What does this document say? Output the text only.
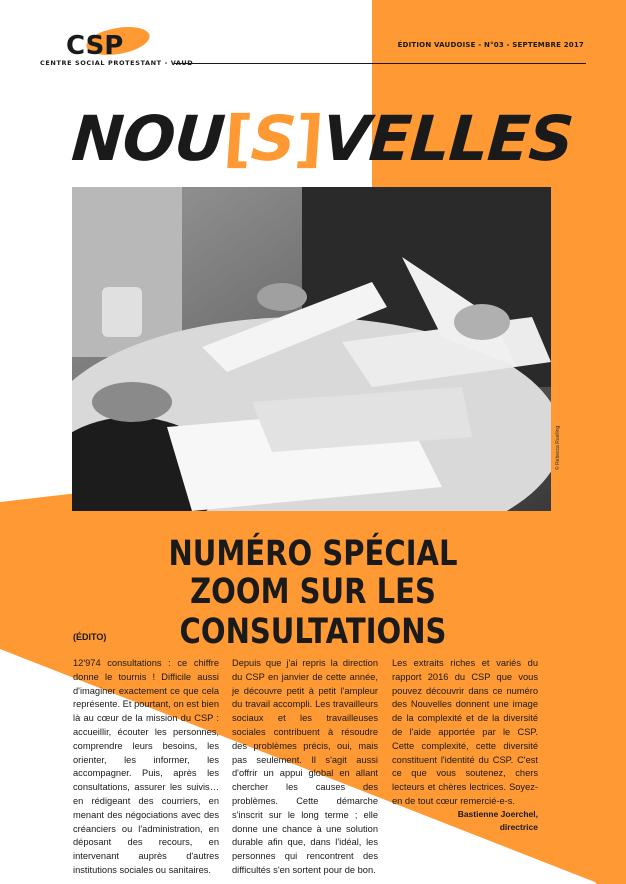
CSP
CENTRE SOCIAL PROTESTANT - VAUD
ÉDITION VAUDOISE - N°03 - SEPTEMBRE 2017
NOU
[
S
]
VELLES
© Rebecca Ruelling
NUMÉRO SPÉCIAL
ZOOM SUR LES CONSULTATIONS
(ÉDITO)
12'974 consultations : ce chiffre donne le tournis ! Difficile aussi d'imaginer exactement ce que cela représente. Et pourtant, on est bien là au cœur de la mission du CSP : accueillir, écouter les personnes, comprendre leurs besoins, les orienter, les informer, les accompagner. Puis, après les consultations, assurer les suivis… en rédigeant des courriers, en menant des négociations avec des créanciers ou l'administration, en déposant des recours, en intervenant auprès d'autres institutions sociales ou sanitaires.
Depuis que j'ai repris la direction du CSP en janvier de cette année, je découvre petit à petit l'ampleur du travail accompli. Les travailleurs sociaux et les travailleuses sociales contribuent à résoudre des problèmes précis, oui, mais pas seulement. Il s'agit aussi d'offrir un appui global en allant chercher les causes des problèmes. Cette démarche s'inscrit sur le long terme ; elle donne une chance à une solution durable afin que, dans l'idéal, les personnes qui rencontrent des difficultés s'en sortent pour de bon.
Les extraits riches et variés du rapport 2016 du CSP que vous pouvez découvrir dans ce numéro des Nouvelles donnent une image de la complexité et de la diversité de l'aide apportée par le CSP. Cette complexité, cette diversité constituent l'identité du CSP. C'est ce que vous soutenez, chers lecteurs et chères lectrices. Soyez-en de tout cœur remercié-e-s.
Bastienne Joerchel,
directrice
